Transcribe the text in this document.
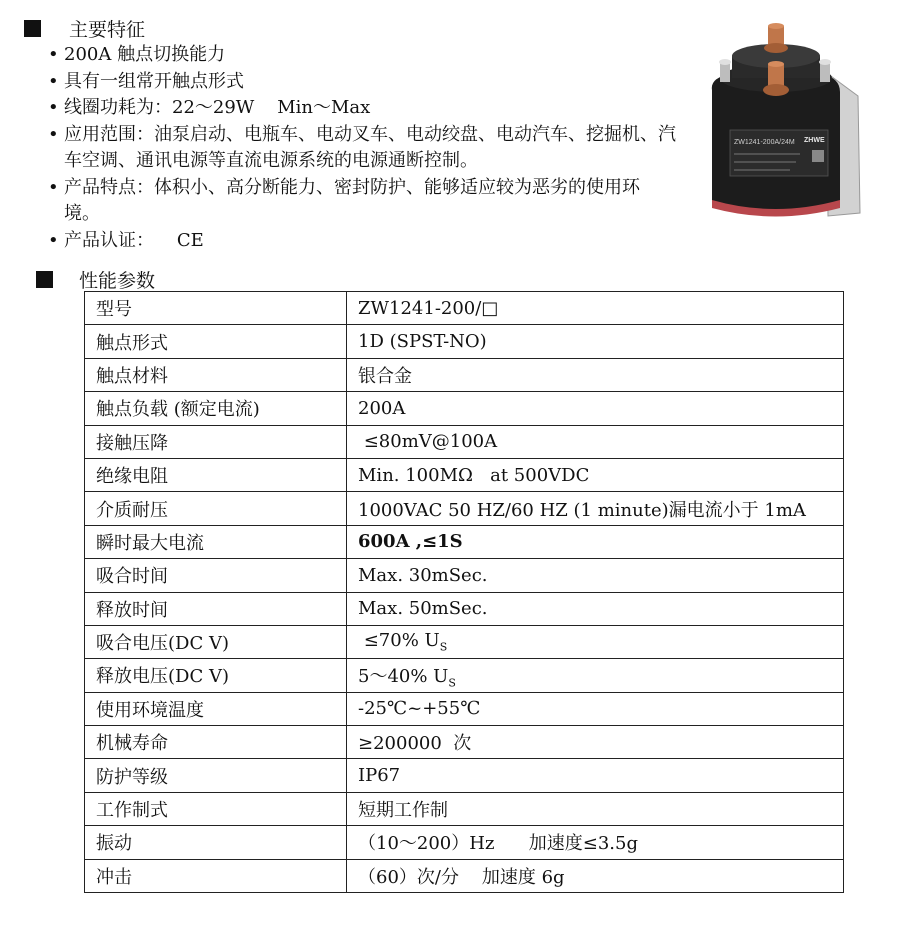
主要特征
• 200A 触点切换能力
• 具有一组常开触点形式
• 线圈功耗为：22～29W    Min～Max
• 应用范围：油泵启动、电瓶车、电动叉车、电动绞盘、电动汽车、挖掘机、汽车空调、通讯电源等直流电源系统的电源通断控制。
• 产品特点：体积小、高分断能力、密封防护、能够适应较为恶劣的使用环境。
• 产品认证：    CE
ZW1241-200A/24M ZHWE
性能参数
型号	ZW1241-200/□
触点形式	1D (SPST-NO)
触点材料	银合金
触点负载 (额定电流)	200A
接触压降	≤80mV@100A
绝缘电阻	Min. 100MΩ   at 500VDC
介质耐压	1000VAC 50 HZ/60 HZ (1 minute)漏电流小于 1mA
瞬时最大电流	600A ,≤1S
吸合时间	Max. 30mSec.
释放时间	Max. 50mSec.
吸合电压(DC V)	≤70% $U_S$
释放电压(DC V)	5～40% $U_S$
使用环境温度	-25℃~+55℃
机械寿命	≥200000  次
防护等级	IP67
工作制式	短期工作制
振动	（10～200）Hz      加速度≤3.5g
冲击	（60）次/分    加速度 6g
